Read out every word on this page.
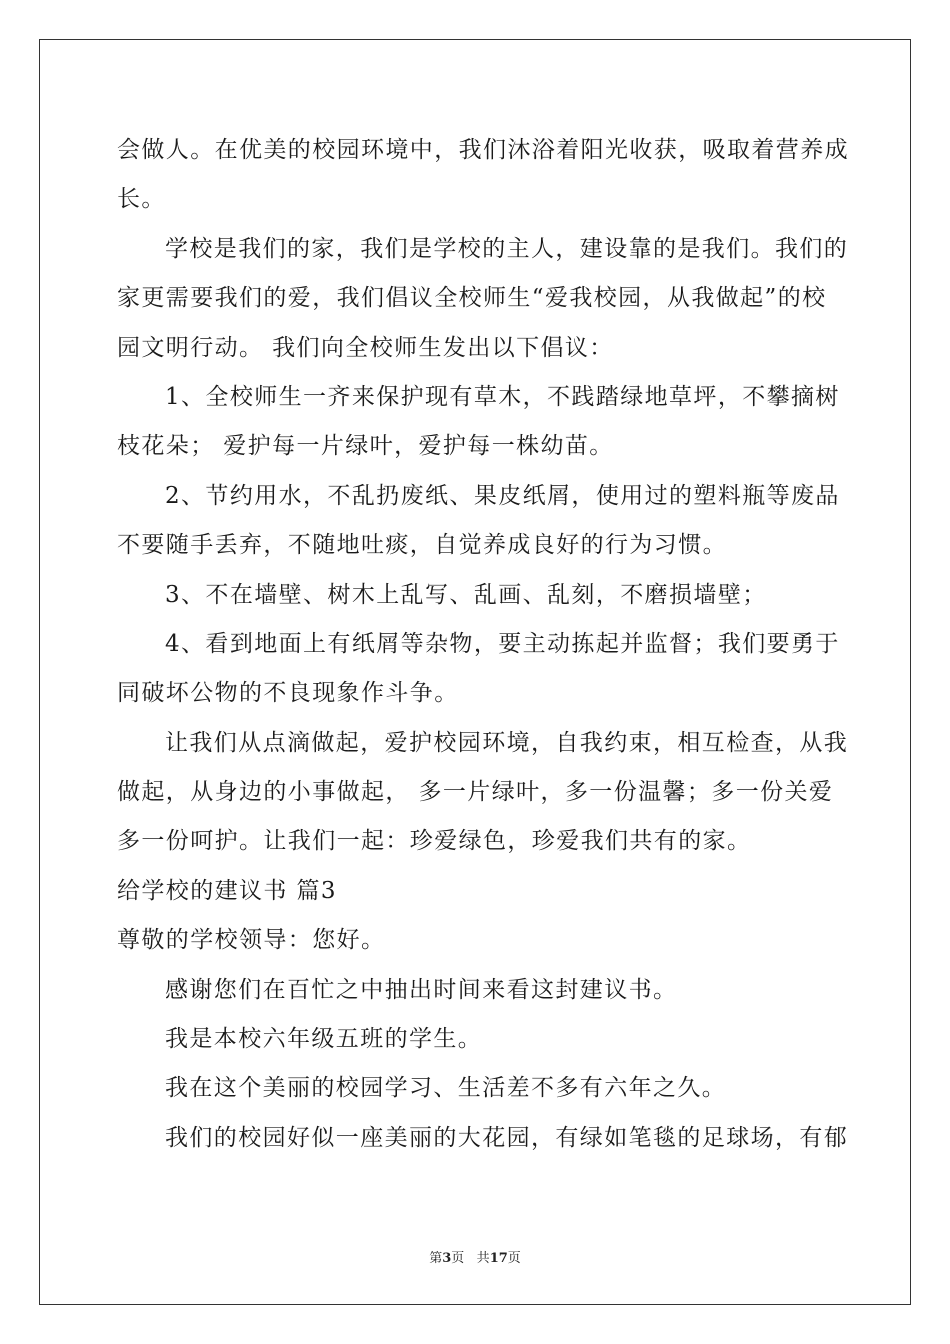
会做人。在优美的校园环境中，我们沐浴着阳光收获，吸取着营养成
长。
学校是我们的家，我们是学校的主人，建设靠的是我们。我们的
家更需要我们的爱，我们倡议全校师生“爱我校园，从我做起”的校
园文明行动。 我们向全校师生发出以下倡议：
1、全校师生一齐来保护现有草木，不践踏绿地草坪，不攀摘树
枝花朵； 爱护每一片绿叶，爱护每一株幼苗。
2、节约用水，不乱扔废纸、果皮纸屑，使用过的塑料瓶等废品
不要随手丢弃，不随地吐痰，自觉养成良好的行为习惯。
3、不在墙壁、树木上乱写、乱画、乱刻，不磨损墙壁；
4、看到地面上有纸屑等杂物，要主动拣起并监督；我们要勇于
同破坏公物的不良现象作斗争。
让我们从点滴做起，爱护校园环境，自我约束，相互检查，从我
做起，从身边的小事做起， 多一片绿叶，多一份温馨；多一份关爱
多一份呵护。让我们一起：珍爱绿色，珍爱我们共有的家。
给学校的建议书 篇3
尊敬的学校领导：您好。
感谢您们在百忙之中抽出时间来看这封建议书。
我是本校六年级五班的学生。
我在这个美丽的校园学习、生活差不多有六年之久。
我们的校园好似一座美丽的大花园，有绿如笔毯的足球场，有郁
第3页 共17页
